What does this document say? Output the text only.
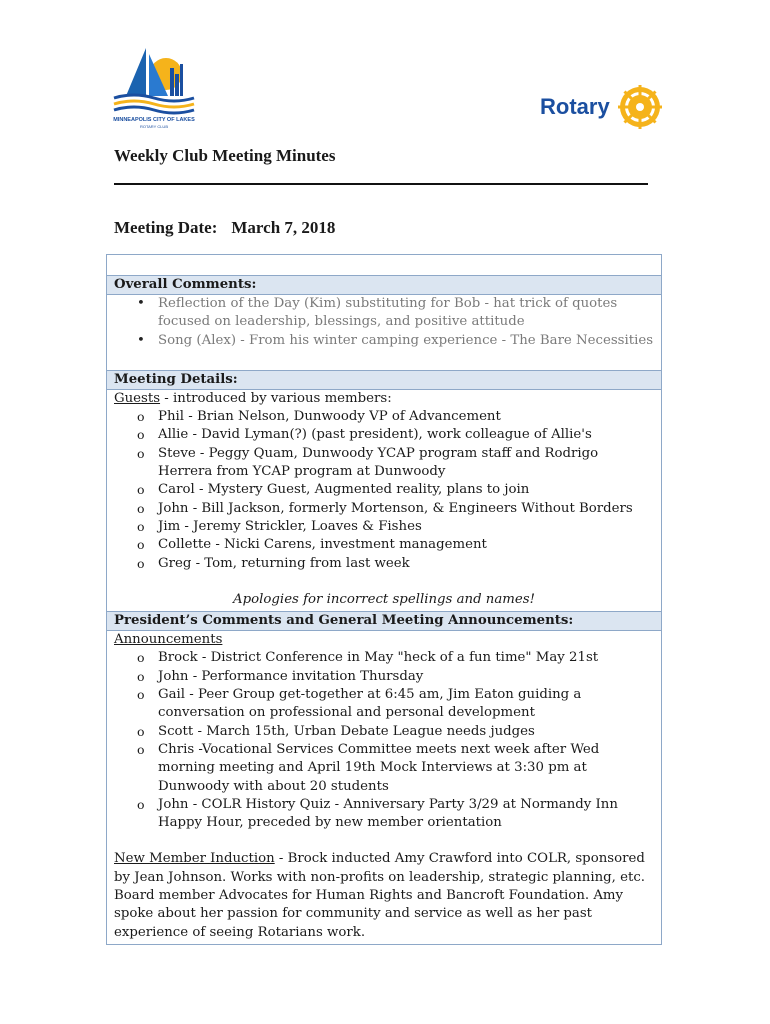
MINNEAPOLIS CITY OF LAKES
ROTARY CLUB
Rotary
Weekly Club Meeting Minutes
Meeting Date: March 7, 2018
Overall Comments:
• Reflection of the Day (Kim) substituting for Bob - hat trick of quotes focused on leadership, blessings, and positive attitude
• Song (Alex) - From his winter camping experience - The Bare Necessities
Meeting Details:
Guests - introduced by various members:
o Phil - Brian Nelson, Dunwoody VP of Advancement
o Allie - David Lyman(?) (past president), work colleague of Allie's
o Steve - Peggy Quam, Dunwoody YCAP program staff and Rodrigo Herrera from YCAP program at Dunwoody
o Carol - Mystery Guest, Augmented reality, plans to join
o John - Bill Jackson, formerly Mortenson, & Engineers Without Borders
o Jim - Jeremy Strickler, Loaves & Fishes
o Collette - Nicki Carens, investment management
o Greg - Tom, returning from last week

Apologies for incorrect spellings and names!

President’s Comments and General Meeting Announcements:
Announcements
o Brock - District Conference in May "heck of a fun time" May 21st
o John - Performance invitation Thursday
o Gail - Peer Group get-together at 6:45 am, Jim Eaton guiding a conversation on professional and personal development
o Scott - March 15th, Urban Debate League needs judges
o Chris -Vocational Services Committee meets next week after Wed morning meeting and April 19th Mock Interviews at 3:30 pm at Dunwoody with about 20 students
o John - COLR History Quiz - Anniversary Party 3/29 at Normandy Inn Happy Hour, preceded by new member orientation

New Member Induction - Brock inducted Amy Crawford into COLR, sponsored by Jean Johnson. Works with non-profits on leadership, strategic planning, etc. Board member Advocates for Human Rights and Bancroft Foundation. Amy spoke about her passion for community and service as well as her past experience of seeing Rotarians work.
